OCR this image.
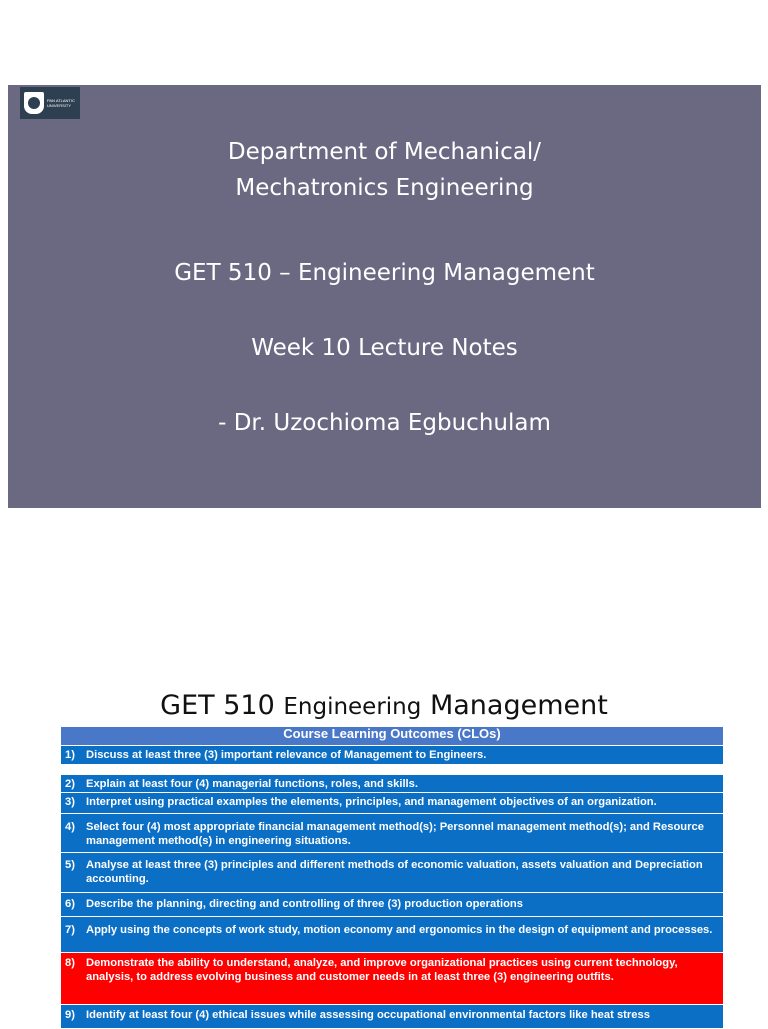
PAN ATLANTIC
UNIVERSITY
Department of Mechanical/
Mechatronics Engineering
GET 510 – Engineering Management
Week 10 Lecture Notes
- Dr. Uzochioma Egbuchulam
GET 510 Engineering Management
Course Learning Outcomes (CLOs)
1) Discuss at least three (3) important relevance of Management to Engineers.
2) Explain at least four (4) managerial functions, roles, and skills.
3) Interpret using practical examples the elements, principles, and management objectives of an organization.
4) Select four (4) most appropriate financial management method(s); Personnel management method(s); and Resource management method(s) in engineering situations.
5) Analyse at least three (3) principles and different methods of economic valuation, assets valuation and Depreciation accounting.
6) Describe the planning, directing and controlling of three (3) production operations
7) Apply using the concepts of work study, motion economy and ergonomics in the design of equipment and processes.
8) Demonstrate the ability to understand, analyze, and improve organizational practices using current technology, analysis, to address evolving business and customer needs in at least three (3) engineering outfits.
9) Identify at least four (4) ethical issues while assessing occupational environmental factors like heat stress
